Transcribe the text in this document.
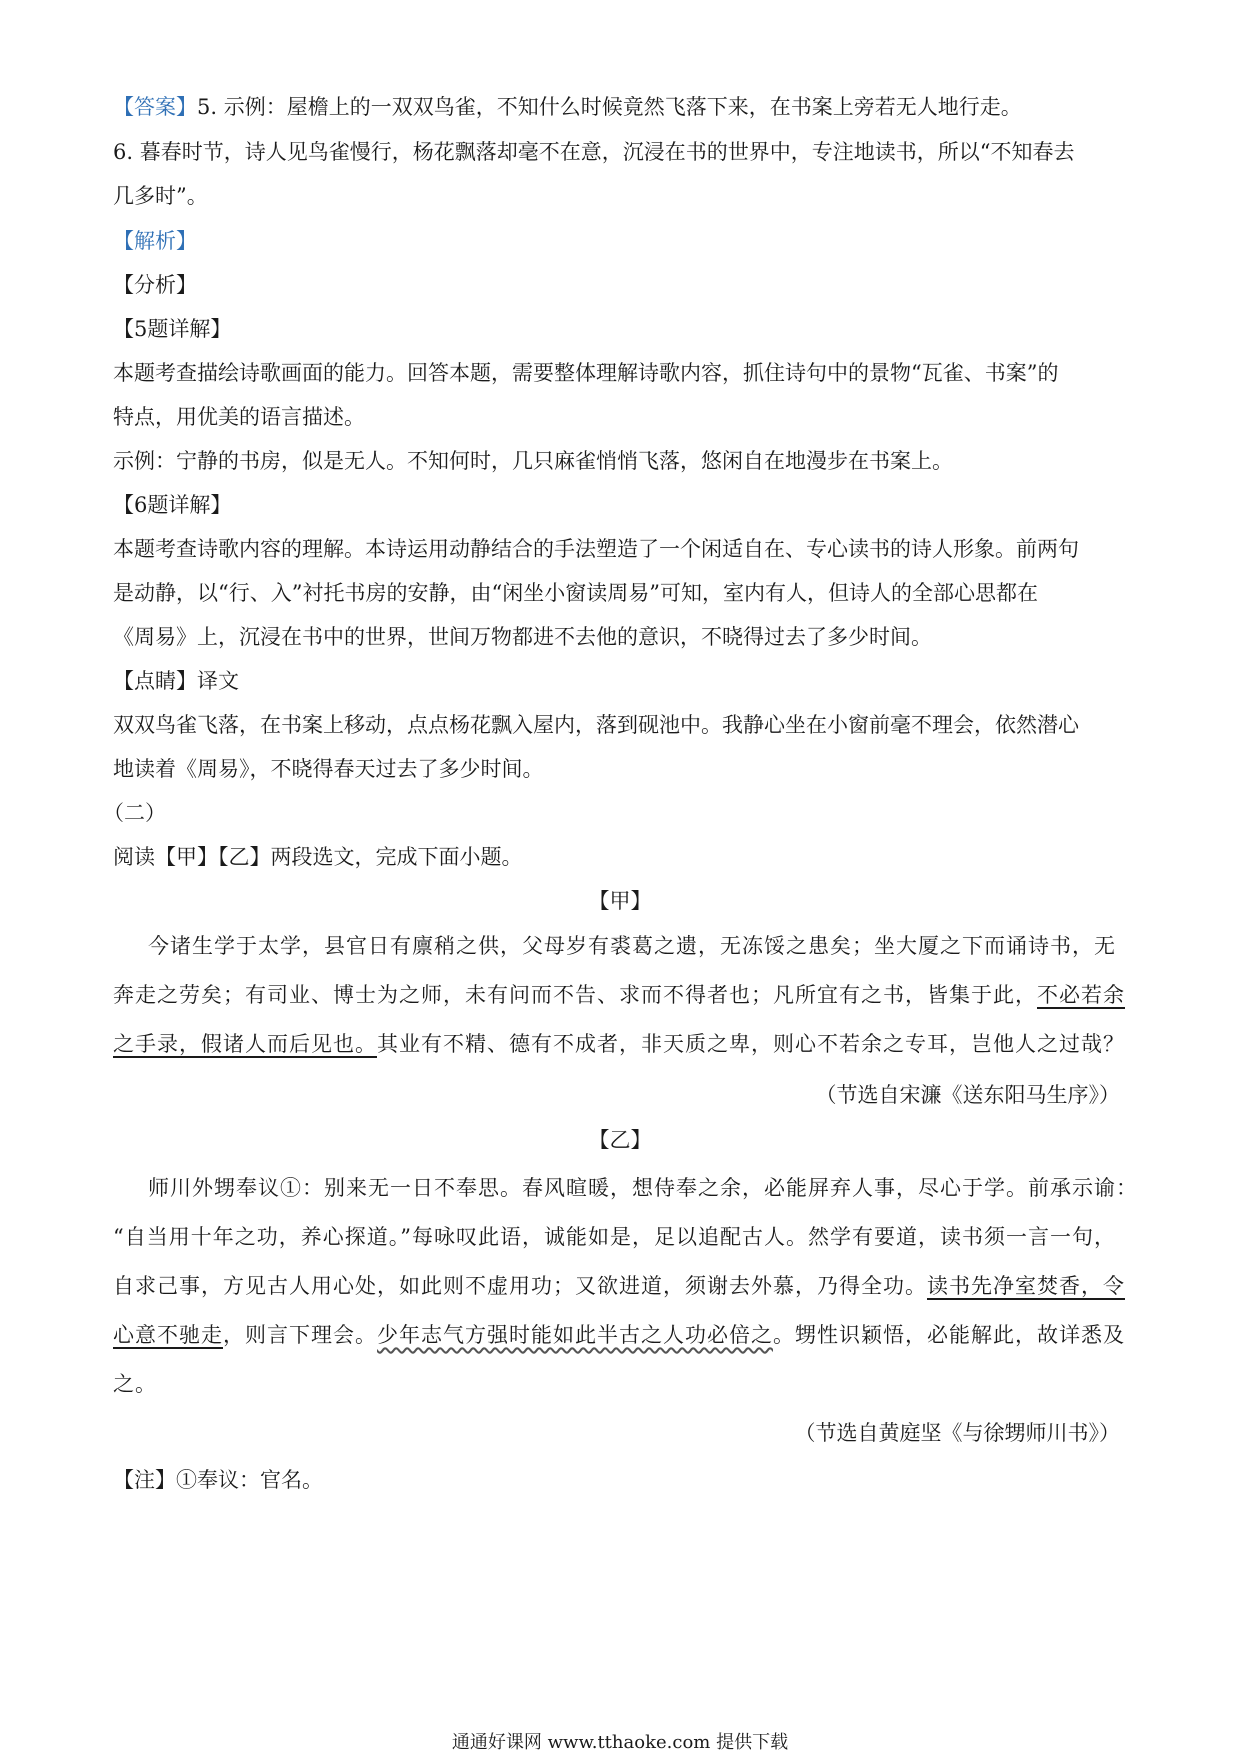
【答案】5. 示例：屋檐上的一双双鸟雀，不知什么时候竟然飞落下来，在书案上旁若无人地行走。
6. 暮春时节，诗人见鸟雀慢行，杨花飘落却毫不在意，沉浸在书的世界中，专注地读书，所以“不知春去
几多时”。
【解析】
【分析】
【5题详解】
本题考查描绘诗歌画面的能力。回答本题，需要整体理解诗歌内容，抓住诗句中的景物“瓦雀、书案”的
特点，用优美的语言描述。
示例：宁静的书房，似是无人。不知何时，几只麻雀悄悄飞落，悠闲自在地漫步在书案上。
【6题详解】
本题考查诗歌内容的理解。本诗运用动静结合的手法塑造了一个闲适自在、专心读书的诗人形象。前两句
是动静，以“行、入”衬托书房的安静，由“闲坐小窗读周易”可知，室内有人，但诗人的全部心思都在
《周易》上，沉浸在书中的世界，世间万物都进不去他的意识，不晓得过去了多少时间。
【点睛】译文
双双鸟雀飞落，在书案上移动，点点杨花飘入屋内，落到砚池中。我静心坐在小窗前毫不理会，依然潜心
地读着《周易》，不晓得春天过去了多少时间。
（二）
阅读【甲】【乙】两段选文，完成下面小题。
【甲】
今诸生学于太学，县官日有廪稍之供，父母岁有裘葛之遗，无冻馁之患矣；坐大厦之下而诵诗书，无
奔走之劳矣；有司业、博士为之师，未有问而不告、求而不得者也；凡所宜有之书，皆集于此，不必若余
之手录，假诸人而后见也。其业有不精、德有不成者，非天质之卑，则心不若余之专耳，岂他人之过哉？
（节选自宋濂《送东阳马生序》）
【乙】
师川外甥奉议①：别来无一日不奉思。春风暄暖，想侍奉之余，必能屏弃人事，尽心于学。前承示谕：
“自当用十年之功，养心探道。”每咏叹此语，诚能如是，足以追配古人。然学有要道，读书须一言一句，
自求己事，方见古人用心处，如此则不虚用功；又欲进道，须谢去外慕，乃得全功。读书先净室焚香，令
心意不驰走，则言下理会。少年志气方强时能如此半古之人功必倍之。甥性识颖悟，必能解此，故详悉及
之。
（节选自黄庭坚《与徐甥师川书》）
【注】①奉议：官名。
通通好课网 www.tthaoke.com 提供下载
